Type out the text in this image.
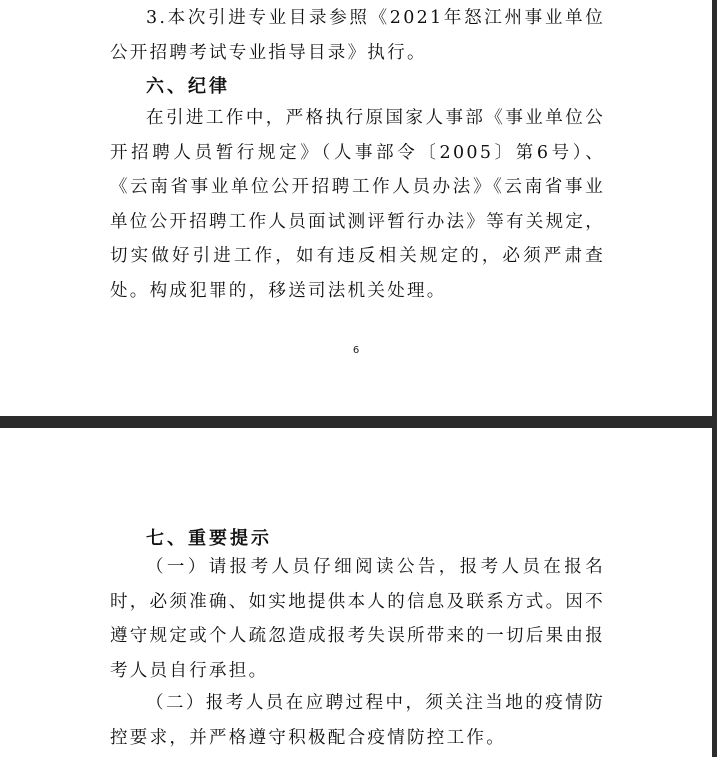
3.本次引进专业目录参照《2021年怒江州事业单位公开招聘考试专业指导目录》执行。
六、纪律
在引进工作中，严格执行原国家人事部《事业单位公开招聘人员暂行规定》（人事部令〔2005〕第6号）、《云南省事业单位公开招聘工作人员办法》《云南省事业单位公开招聘工作人员面试测评暂行办法》等有关规定，切实做好引进工作，如有违反相关规定的，必须严肃查处。构成犯罪的，移送司法机关处理。
6
七、重要提示
（一）请报考人员仔细阅读公告，报考人员在报名时，必须准确、如实地提供本人的信息及联系方式。因不遵守规定或个人疏忽造成报考失误所带来的一切后果由报考人员自行承担。
（二）报考人员在应聘过程中，须关注当地的疫情防控要求，并严格遵守积极配合疫情防控工作。
